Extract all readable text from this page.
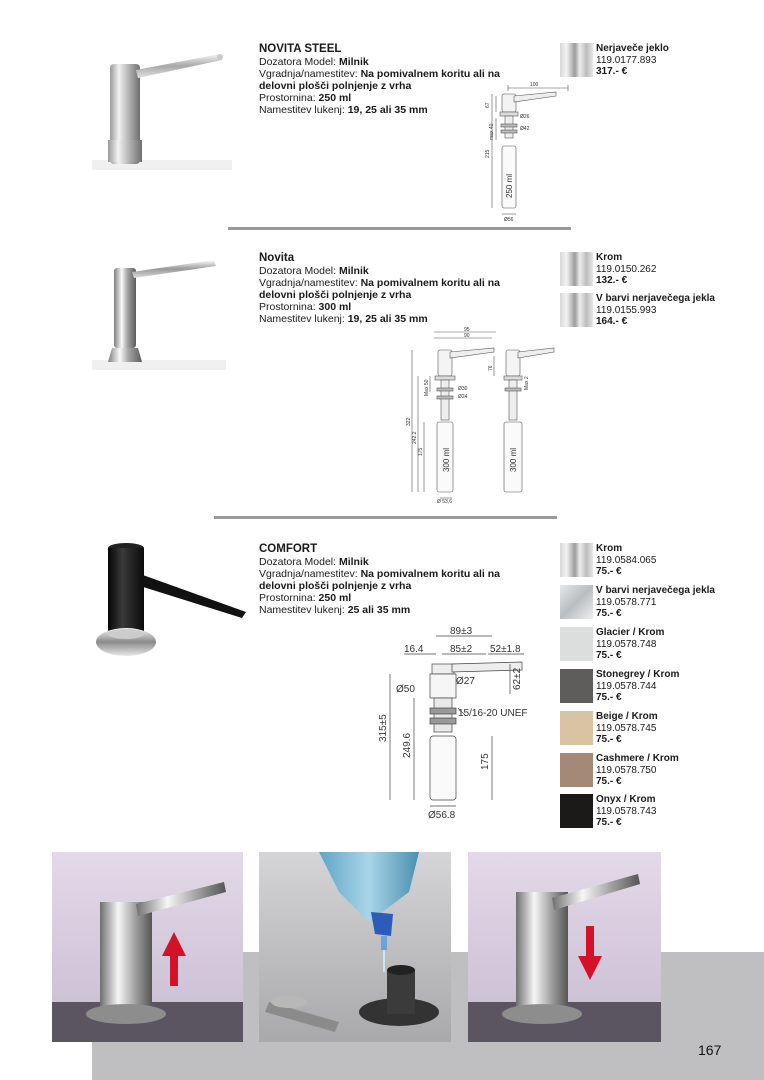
NOVITA STEEL
Dozatora Model: Milnik
Vgradnja/namestitev: Na pomivalnem koritu ali na delovni plošči polnjenje z vrha
Prostornina: 250 ml
Namestitev lukenj: 19, 25 ali 35 mm
100
67
Ø26
Ø42
max 40
215
250 ml
Ø56
Nerjaveče jeklo
119.0177.893
317.- €
Novita
Dozatora Model: Milnik
Vgradnja/namestitev: Na pomivalnem koritu ali na delovni plošči polnjenje z vrha
Prostornina: 300 ml
Namestitev lukenj: 19, 25 ali 35 mm
95
90
76
Max 50	Ø30
Ø24
322
242.2
175 300 ml	300 ml
Max 2
Ø 53,6
Krom
119.0150.262
132.- €
V barvi nerjavečega jekla
119.0155.993
164.- €
COMFORT
Dozatora Model: Milnik
Vgradnja/namestitev: Na pomivalnem koritu ali na delovni plošči polnjenje z vrha
Prostornina: 250 ml
Namestitev lukenj: 25 ali 35 mm
89±3
16.4	85±2 52±1.8
Ø27
Ø50	62±2
15/16-20 UNEF
315±5
249.6
175
Ø56.8
Krom
119.0584.065
75.- €
V barvi nerjavečega jekla
119.0578.771
75.- €
Glacier / Krom
119.0578.748
75.- €
Stonegrey / Krom
119.0578.744
75.- €
Beige / Krom
119.0578.745
75.- €
Cashmere / Krom
119.0578.750
75.- €
Onyx / Krom
119.0578.743
75.- €
167
